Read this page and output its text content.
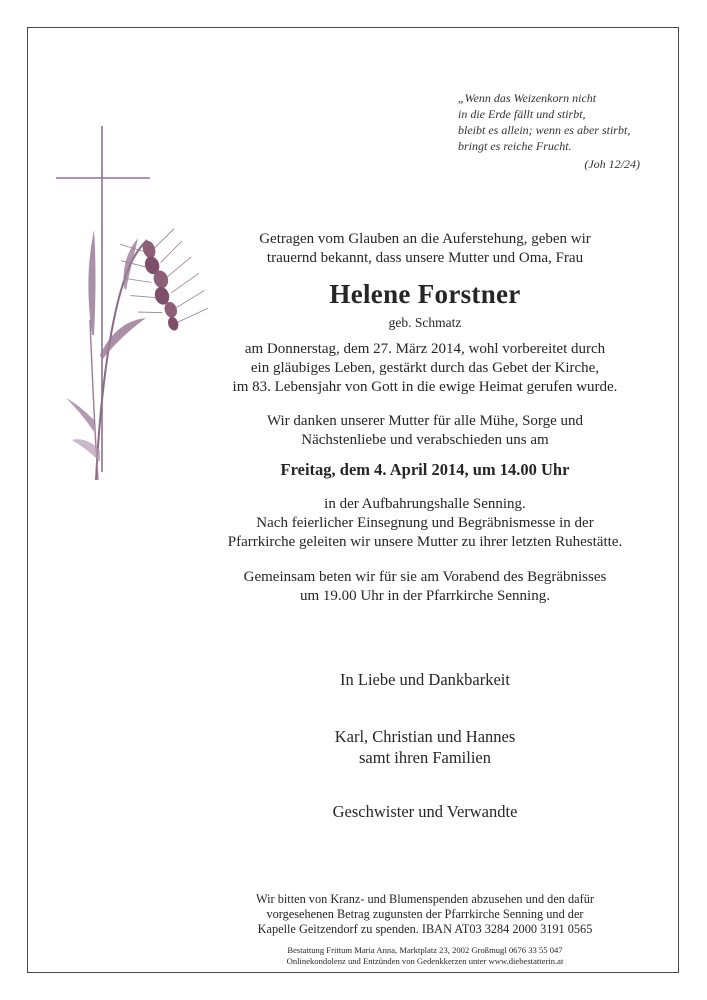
„Wenn das Weizenkorn nicht
in die Erde fällt und stirbt,
bleibt es allein; wenn es aber stirbt,
bringt es reiche Frucht.
(Joh 12/24)
Getragen vom Glauben an die Auferstehung, geben wir
trauernd bekannt, dass unsere Mutter und Oma, Frau
Helene Forstner
geb. Schmatz
am Donnerstag, dem 27. März 2014, wohl vorbereitet durch
ein gläubiges Leben, gestärkt durch das Gebet der Kirche,
im 83. Lebensjahr von Gott in die ewige Heimat gerufen wurde.
Wir danken unserer Mutter für alle Mühe, Sorge und
Nächstenliebe und verabschieden uns am
Freitag, dem 4. April 2014, um 14.00 Uhr
in der Aufbahrungshalle Senning.
Nach feierlicher Einsegnung und Begräbnismesse in der
Pfarrkirche geleiten wir unsere Mutter zu ihrer letzten Ruhestätte.
Gemeinsam beten wir für sie am Vorabend des Begräbnisses
um 19.00 Uhr in der Pfarrkirche Senning.
In Liebe und Dankbarkeit
Karl, Christian und Hannes
samt ihren Familien
Geschwister und Verwandte
Wir bitten von Kranz- und Blumenspenden abzusehen und den dafür
vorgesehenen Betrag zugunsten der Pfarrkirche Senning und der
Kapelle Geitzendorf zu spenden. IBAN AT03 3284 2000 3191 0565
Bestattung Frittum Maria Anna, Marktplatz 23, 2002 Großmugl 0676 33 55 047
Onlinekondolenz und Entzünden von Gedenkkerzen unter www.diebestatterin.at
